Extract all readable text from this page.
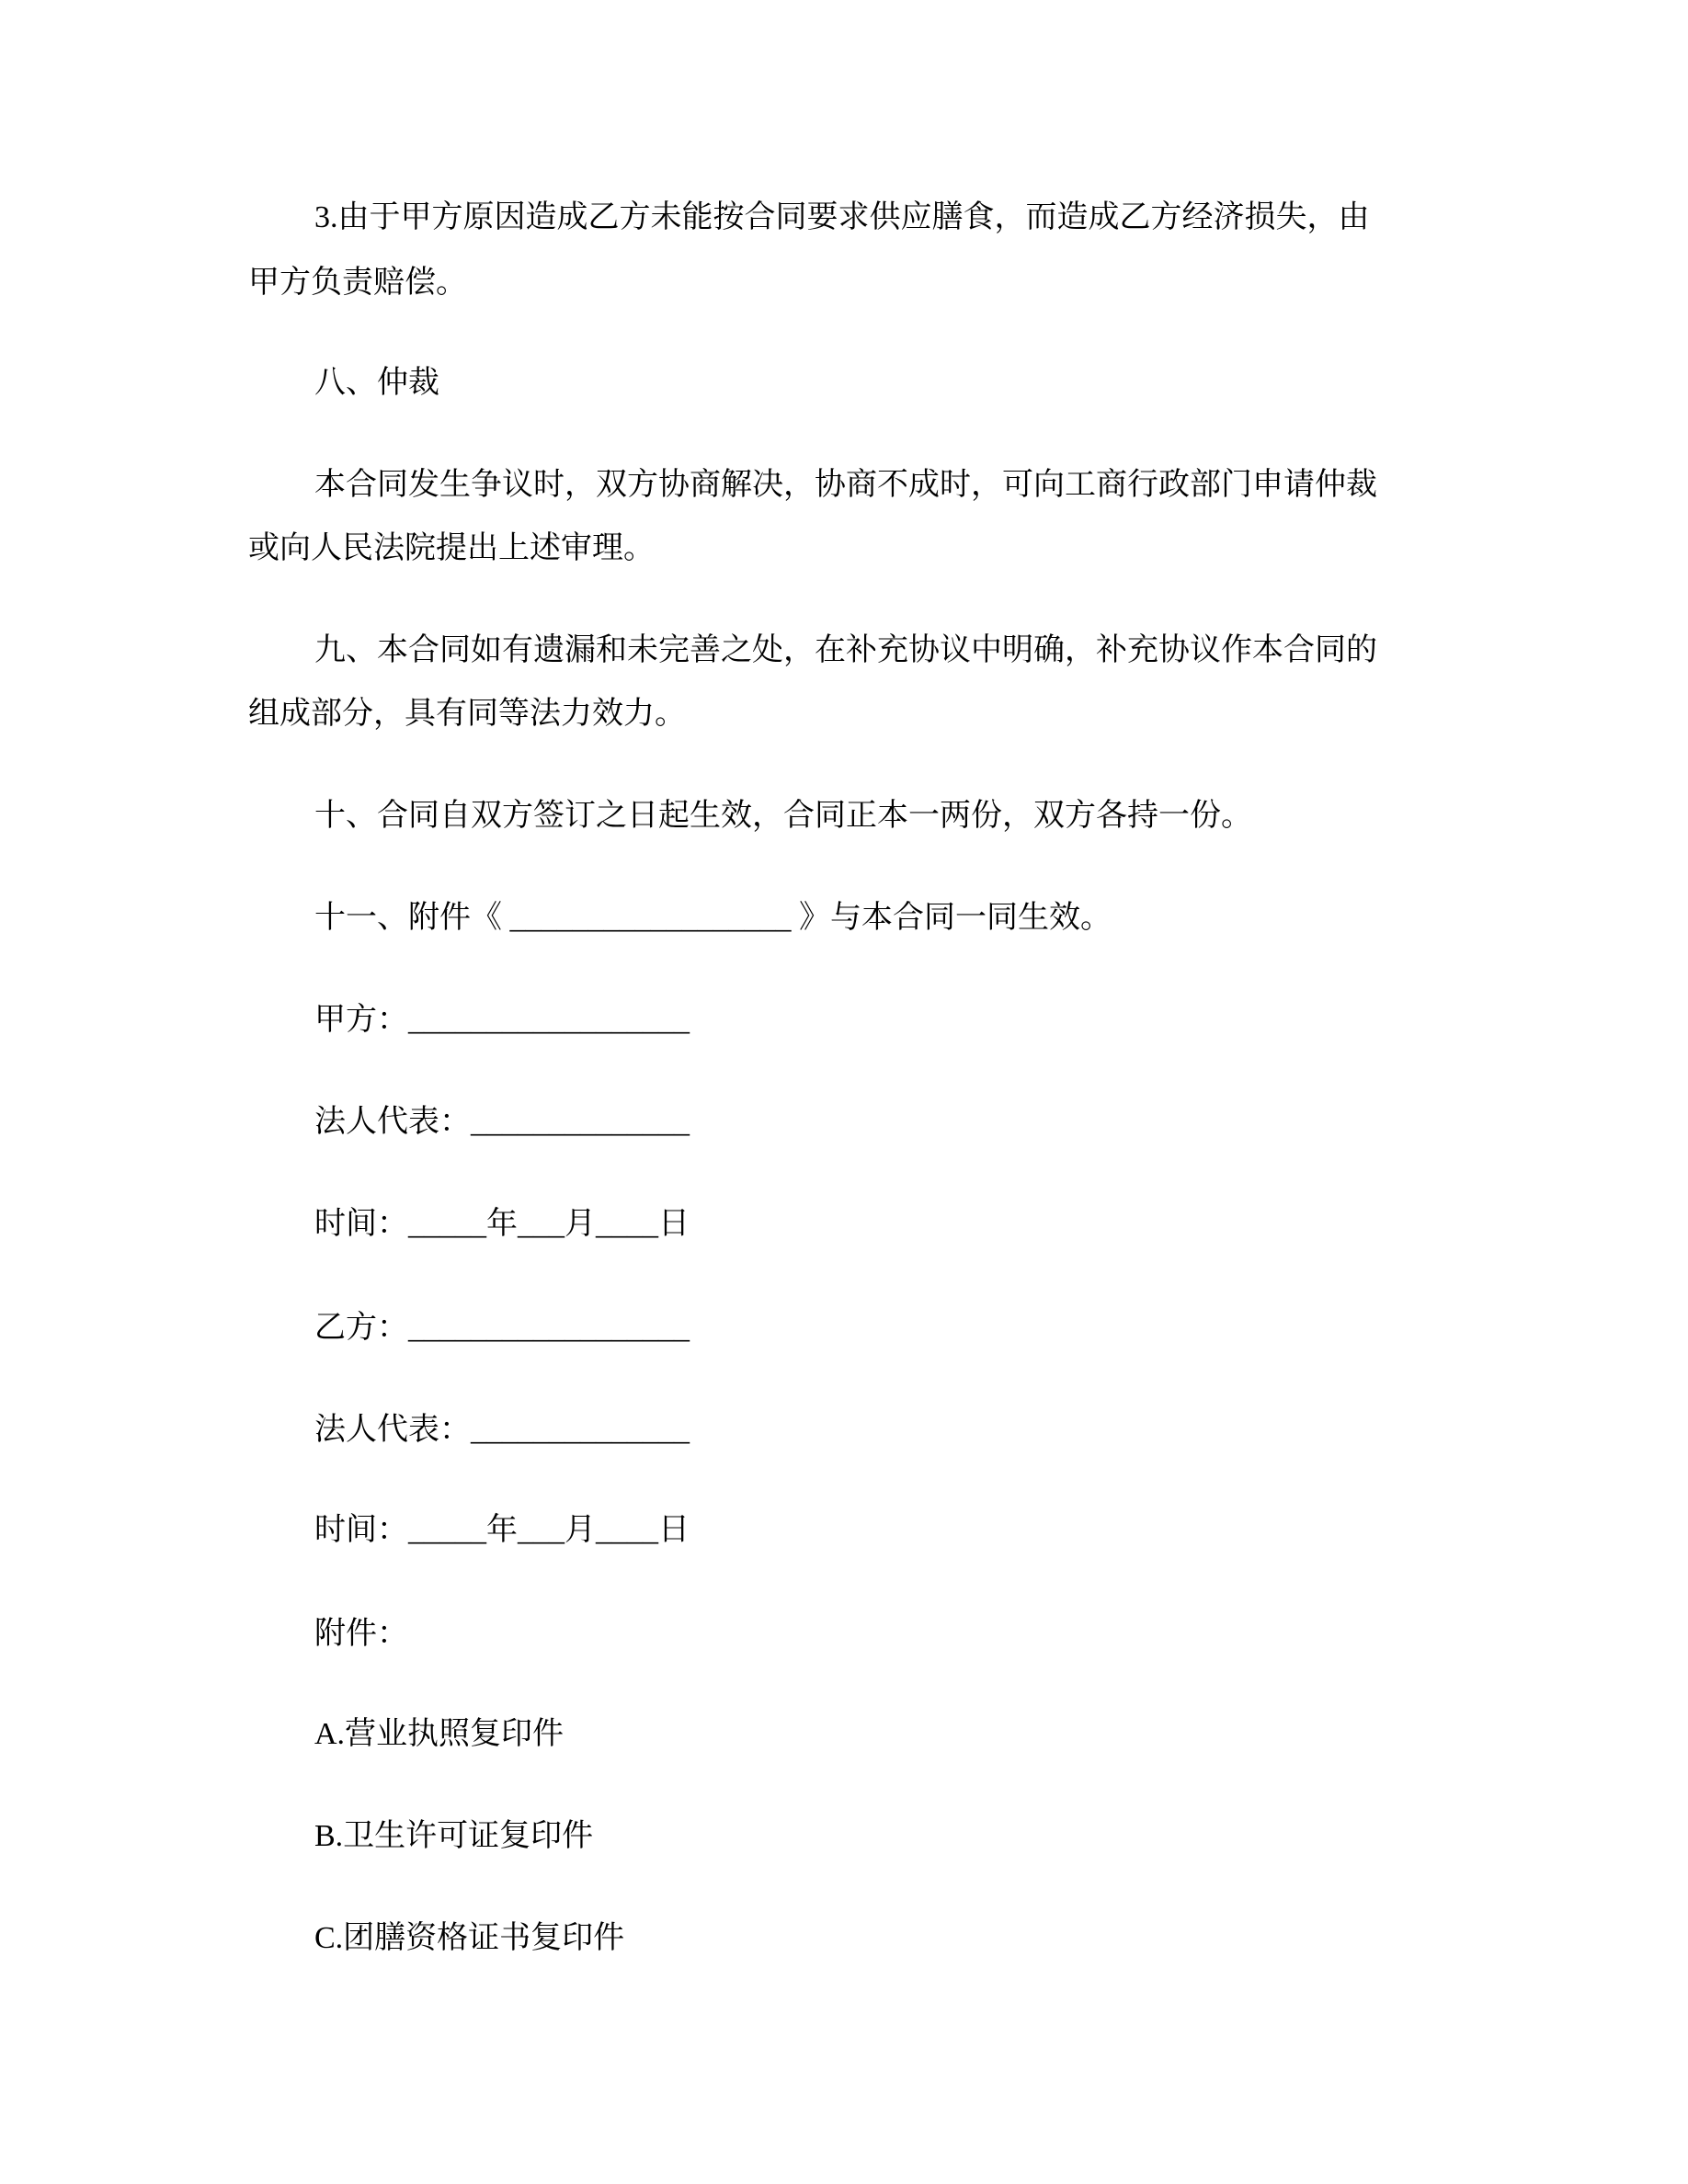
3.由于甲方原因造成乙方未能按合同要求供应膳食，而造成乙方经济损失，由
甲方负责赔偿。
八、仲裁
本合同发生争议时，双方协商解决，协商不成时，可向工商行政部门申请仲裁
或向人民法院提出上述审理。
九、本合同如有遗漏和未完善之处，在补充协议中明确，补充协议作本合同的
组成部分，具有同等法力效力。
十、合同自双方签订之日起生效，合同正本一两份，双方各持一份。
十一、附件《 __________________ 》与本合同一同生效。
甲方：__________________
法人代表：______________
时间：_____年___月____日
乙方：__________________
法人代表：______________
时间：_____年___月____日
附件：
A.营业执照复印件
B.卫生许可证复印件
C.团膳资格证书复印件
